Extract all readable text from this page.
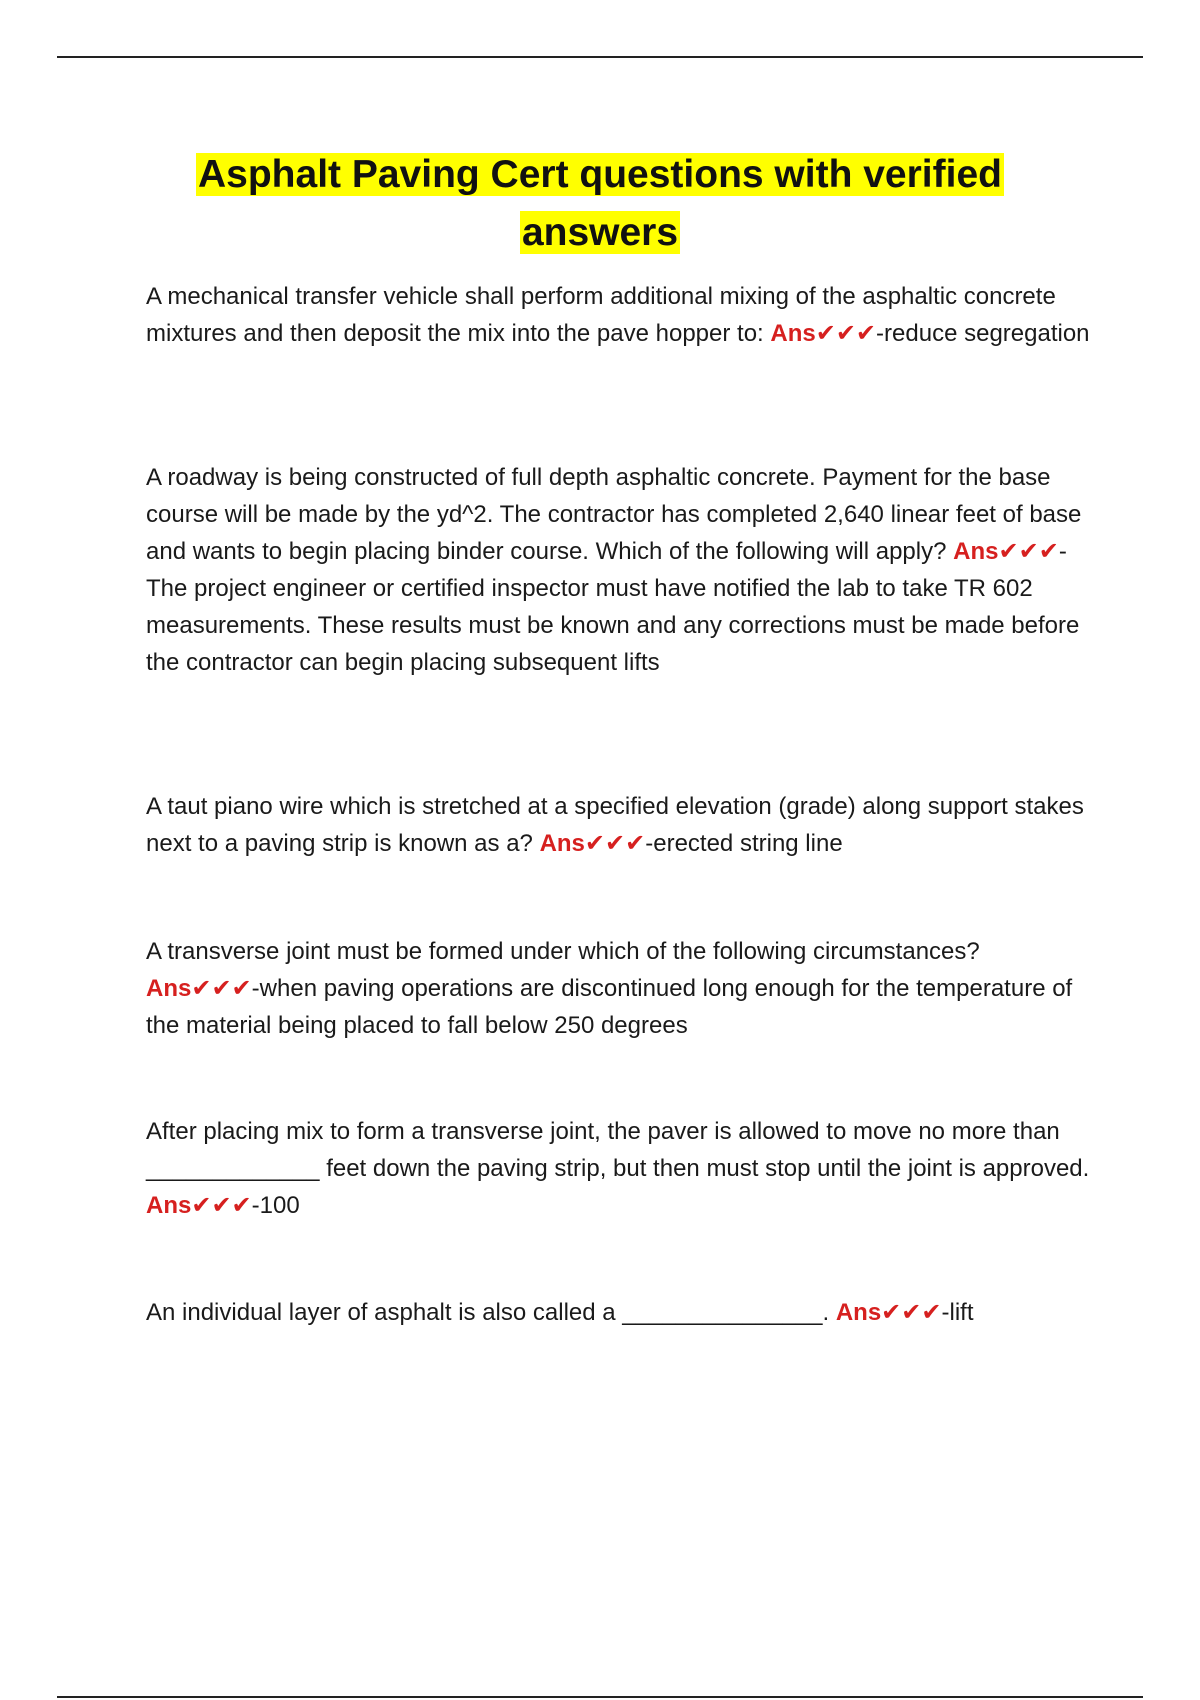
Asphalt Paving Cert questions with verified answers

A mechanical transfer vehicle shall perform additional mixing of the asphaltic concrete mixtures and then deposit the mix into the pave hopper to: Ans✔✔✔-reduce segregation

A roadway is being constructed of full depth asphaltic concrete. Payment for the base course will be made by the yd^2. The contractor has completed 2,640 linear feet of base and wants to begin placing binder course. Which of the following will apply? Ans✔✔✔-The project engineer or certified inspector must have notified the lab to take TR 602 measurements. These results must be known and any corrections must be made before the contractor can begin placing subsequent lifts

A taut piano wire which is stretched at a specified elevation (grade) along support stakes next to a paving strip is known as a? Ans✔✔✔-erected string line

A transverse joint must be formed under which of the following circumstances? Ans✔✔✔-when paving operations are discontinued long enough for the temperature of the material being placed to fall below 250 degrees

After placing mix to form a transverse joint, the paver is allowed to move no more than _____________ feet down the paving strip, but then must stop until the joint is approved. Ans✔✔✔-100

An individual layer of asphalt is also called a _______________. Ans✔✔✔-lift
